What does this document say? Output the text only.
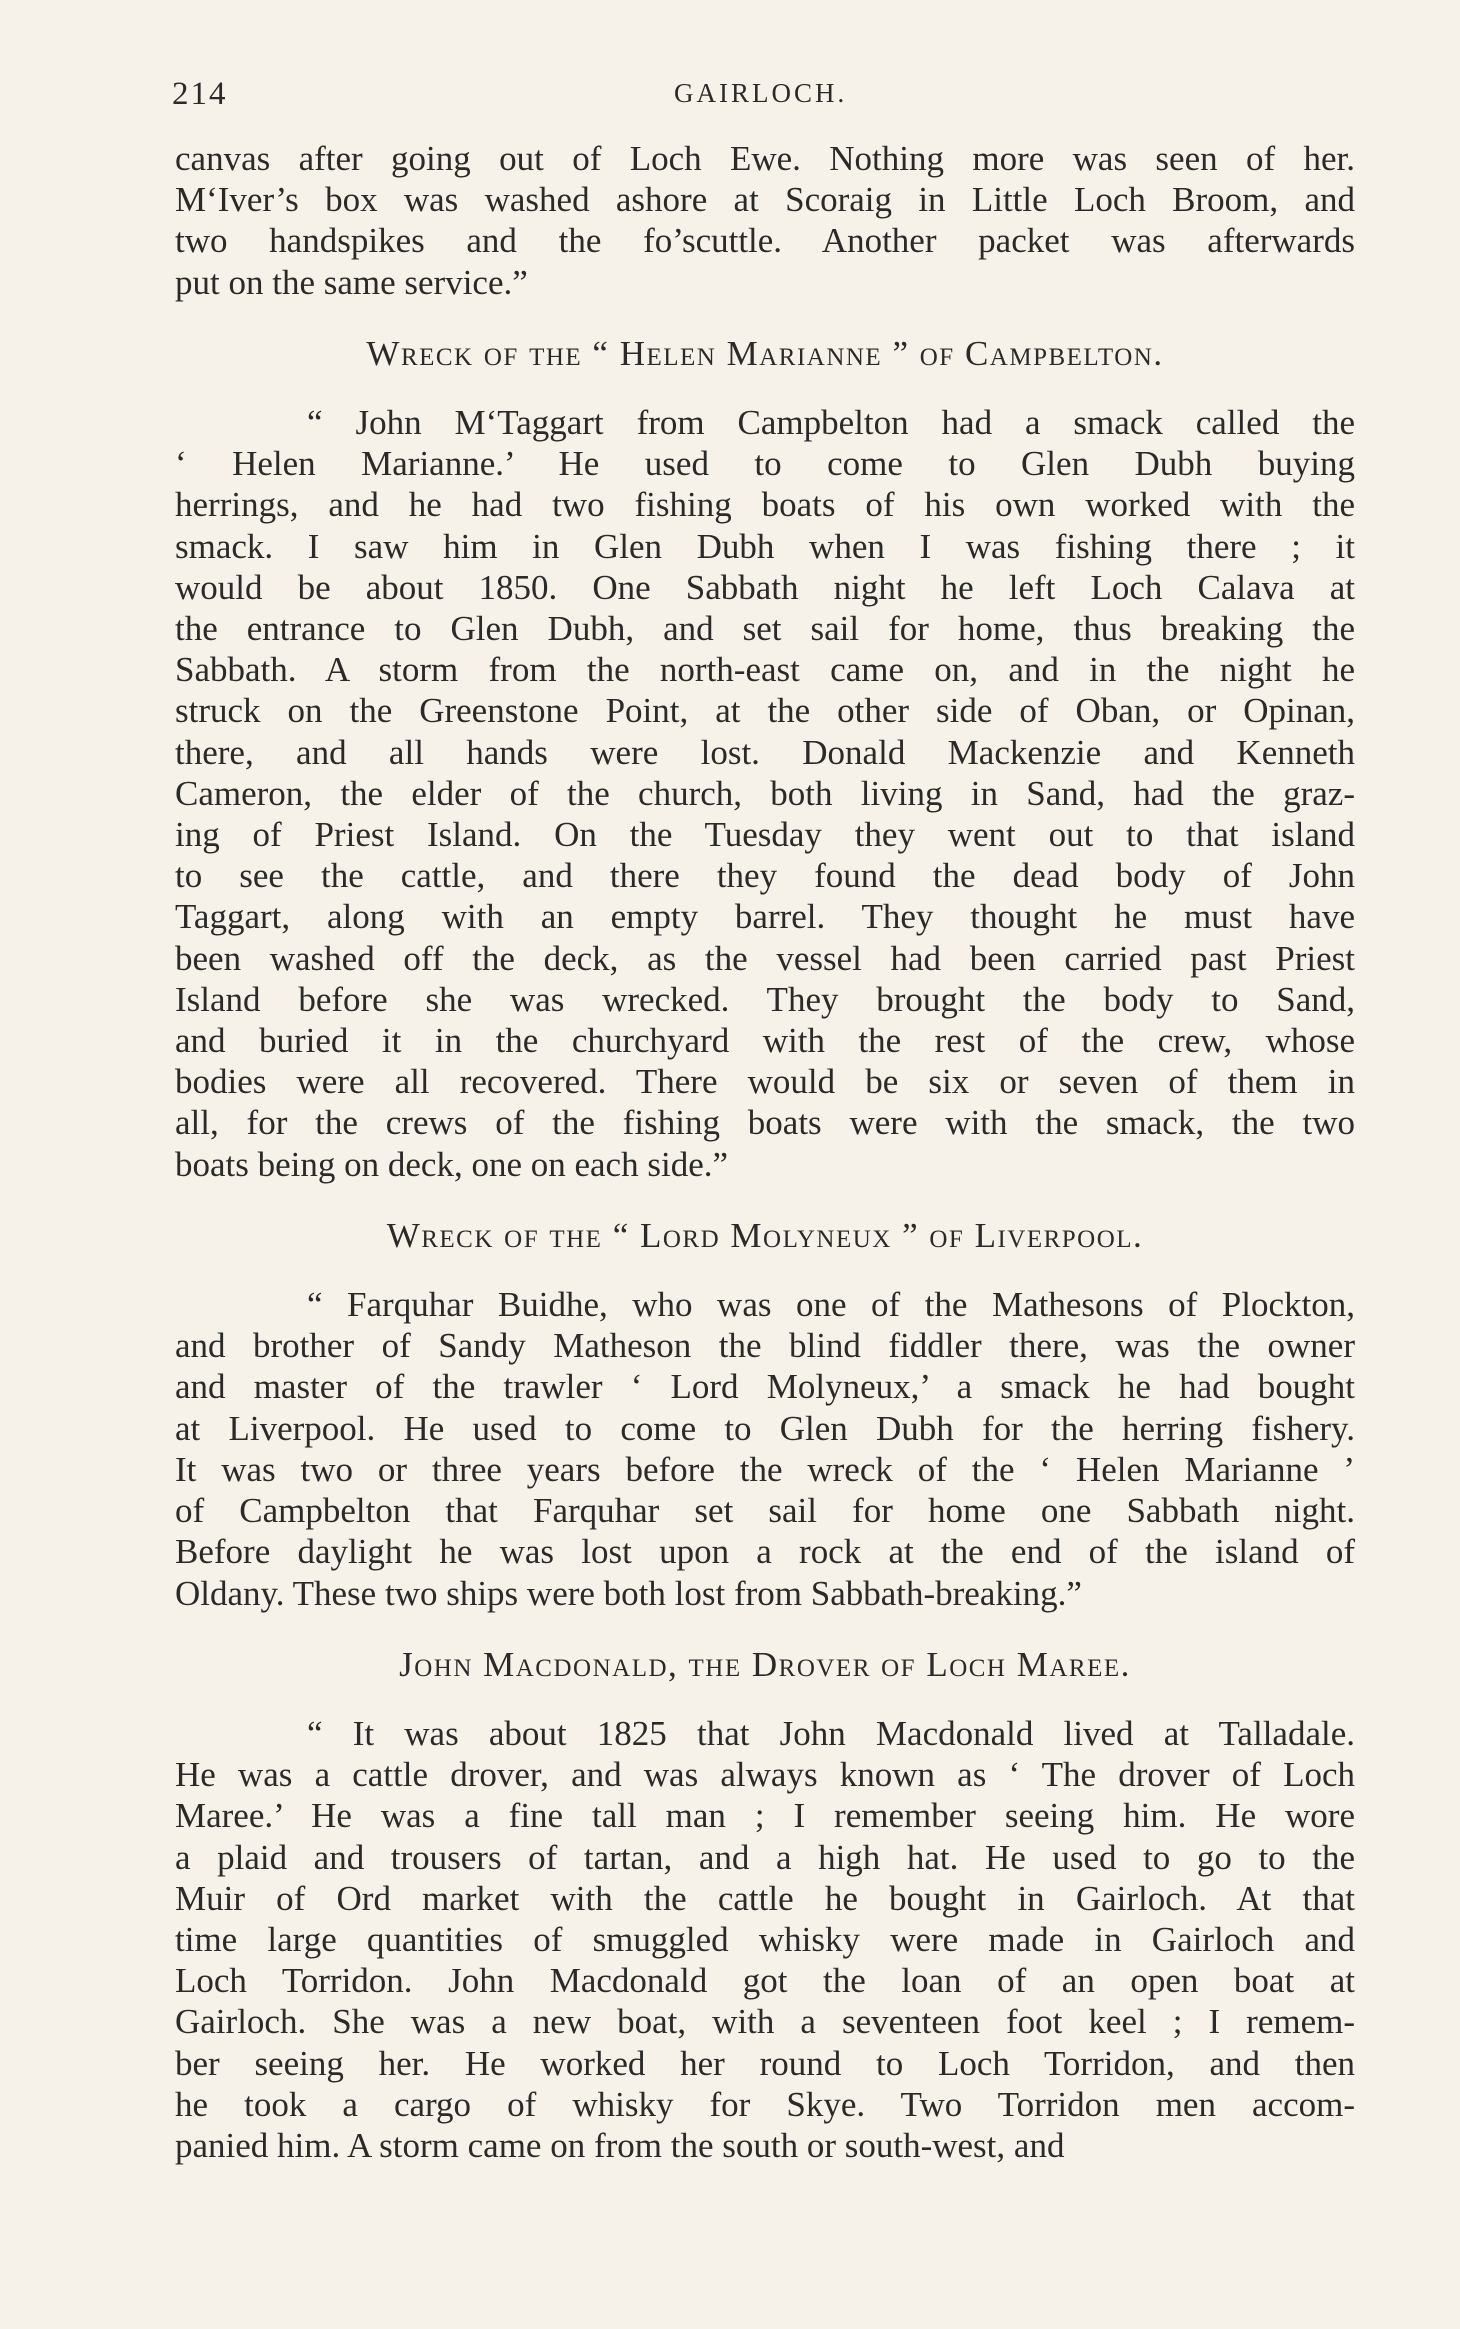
214	GAIRLOCH.

canvas after going out of Loch Ewe. Nothing more was seen of her.
M‘Iver’s box was washed ashore at Scoraig in Little Loch Broom, and
two handspikes and the fo’scuttle. Another packet was afterwards
put on the same service.”

Wreck of the “ Helen Marianne ” of Campbelton.

“ John M‘Taggart from Campbelton had a smack called the
‘ Helen Marianne.’ He used to come to Glen Dubh buying
herrings, and he had two fishing boats of his own worked with the
smack. I saw him in Glen Dubh when I was fishing there ; it
would be about 1850. One Sabbath night he left Loch Calava at
the entrance to Glen Dubh, and set sail for home, thus breaking the
Sabbath. A storm from the north-east came on, and in the night he
struck on the Greenstone Point, at the other side of Oban, or Opinan,
there, and all hands were lost. Donald Mackenzie and Kenneth
Cameron, the elder of the church, both living in Sand, had the graz-
ing of Priest Island. On the Tuesday they went out to that island
to see the cattle, and there they found the dead body of John
Taggart, along with an empty barrel. They thought he must have
been washed off the deck, as the vessel had been carried past Priest
Island before she was wrecked. They brought the body to Sand,
and buried it in the churchyard with the rest of the crew, whose
bodies were all recovered. There would be six or seven of them in
all, for the crews of the fishing boats were with the smack, the two
boats being on deck, one on each side.”

Wreck of the “ Lord Molyneux ” of Liverpool.

“ Farquhar Buidhe, who was one of the Mathesons of Plockton,
and brother of Sandy Matheson the blind fiddler there, was the owner
and master of the trawler ‘ Lord Molyneux,’ a smack he had bought
at Liverpool. He used to come to Glen Dubh for the herring fishery.
It was two or three years before the wreck of the ‘ Helen Marianne ’
of Campbelton that Farquhar set sail for home one Sabbath night.
Before daylight he was lost upon a rock at the end of the island of
Oldany. These two ships were both lost from Sabbath-breaking.”

John Macdonald, the Drover of Loch Maree.

“ It was about 1825 that John Macdonald lived at Talladale.
He was a cattle drover, and was always known as ‘ The drover of Loch
Maree.’ He was a fine tall man ; I remember seeing him. He wore
a plaid and trousers of tartan, and a high hat. He used to go to the
Muir of Ord market with the cattle he bought in Gairloch. At that
time large quantities of smuggled whisky were made in Gairloch and
Loch Torridon. John Macdonald got the loan of an open boat at
Gairloch. She was a new boat, with a seventeen foot keel ; I remem-
ber seeing her. He worked her round to Loch Torridon, and then
he took a cargo of whisky for Skye. Two Torridon men accom-
panied him. A storm came on from the south or south-west, and
